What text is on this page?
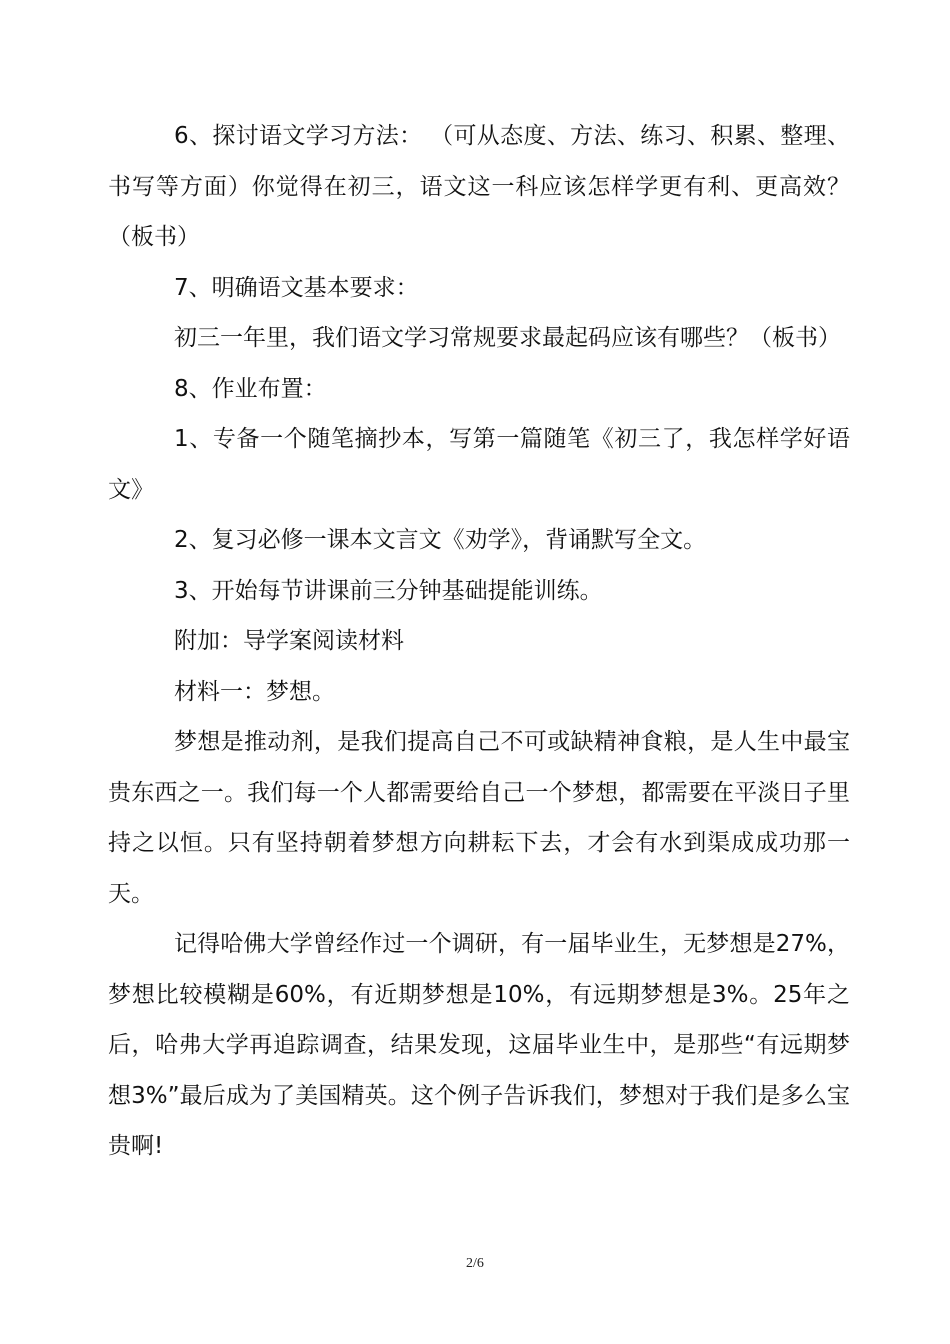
6、探讨语文学习方法： （可从态度、方法、练习、积累、整理、书写等方面）你觉得在初三，语文这一科应该怎样学更有利、更高效？（板书）

7、明确语文基本要求：

初三一年里，我们语文学习常规要求最起码应该有哪些？（板书）

8、作业布置：

1、专备一个随笔摘抄本，写第一篇随笔《初三了，我怎样学好语文》

2、复习必修一课本文言文《劝学》，背诵默写全文。

3、开始每节讲课前三分钟基础提能训练。

附加：导学案阅读材料

材料一：梦想。

梦想是推动剂，是我们提高自己不可或缺精神食粮，是人生中最宝贵东西之一。我们每一个人都需要给自己一个梦想，都需要在平淡日子里持之以恒。只有坚持朝着梦想方向耕耘下去，才会有水到渠成成功那一天。

记得哈佛大学曾经作过一个调研，有一届毕业生，无梦想是27%，梦想比较模糊是60%，有近期梦想是10%，有远期梦想是3%。25年之后，哈弗大学再追踪调查，结果发现，这届毕业生中，是那些“有远期梦想3%”最后成为了美国精英。这个例子告诉我们，梦想对于我们是多么宝贵啊!

2/6
